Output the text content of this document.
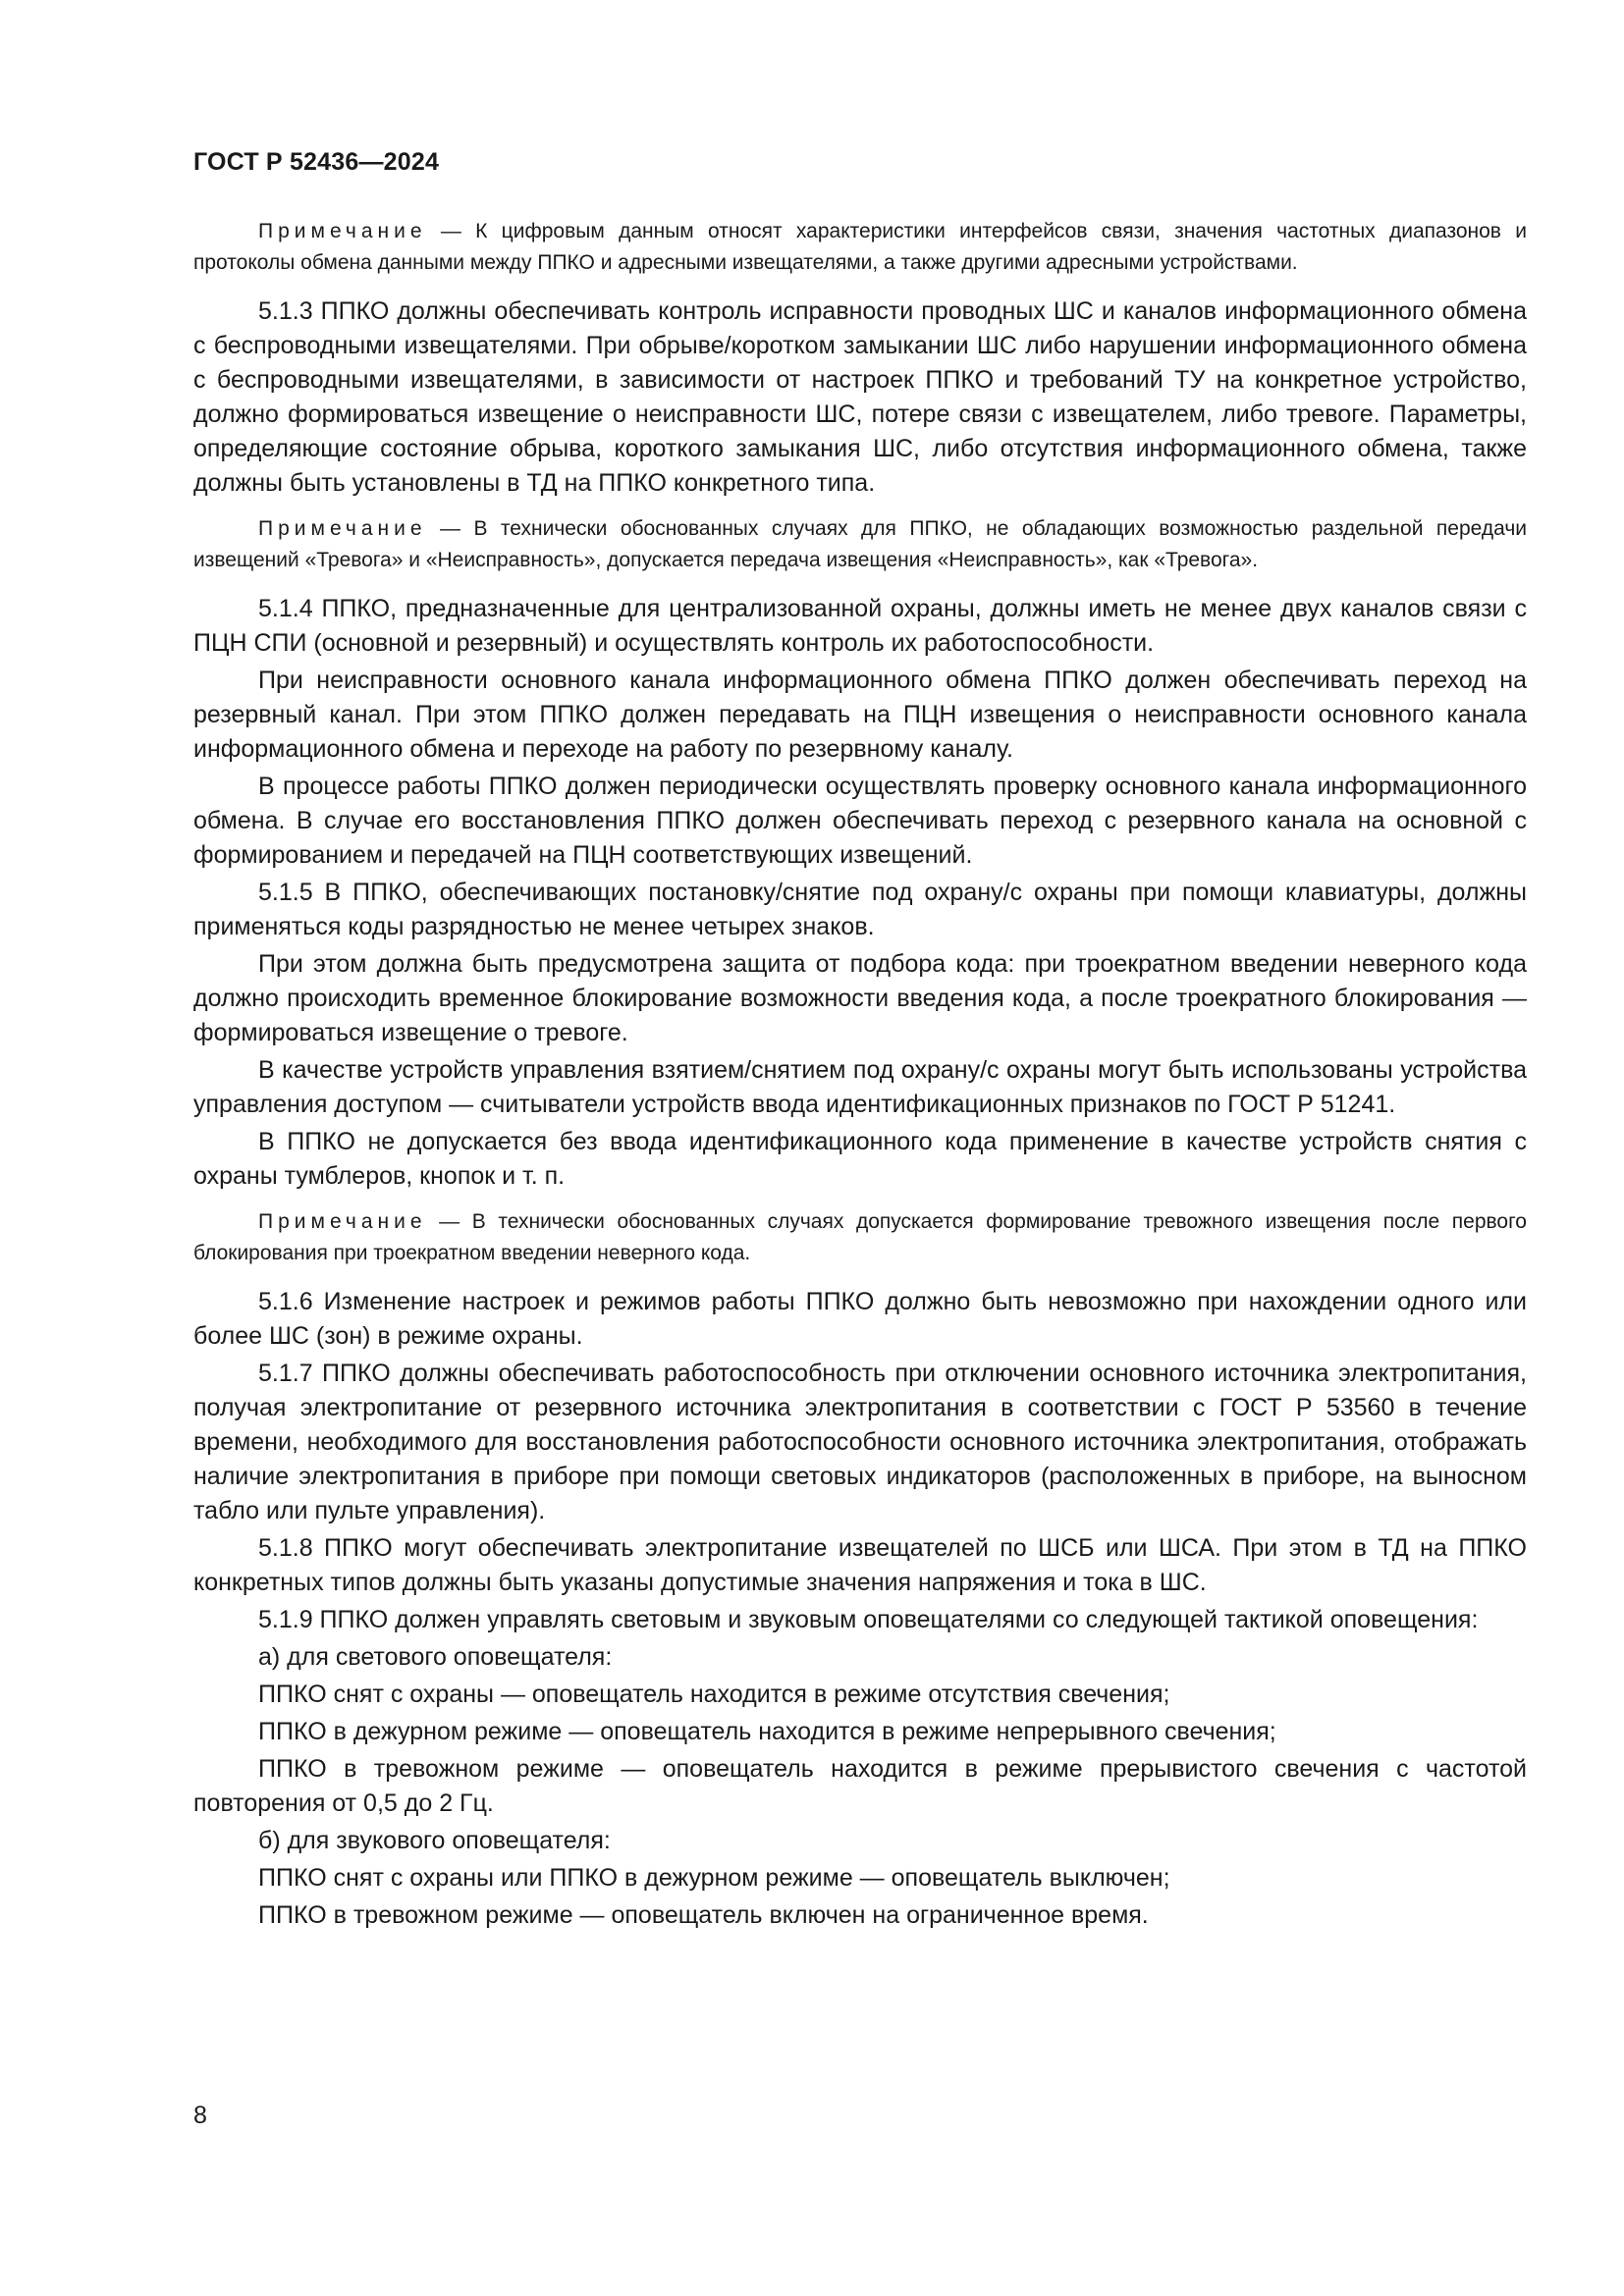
ГОСТ Р 52436—2024

Примечание — К цифровым данным относят характеристики интерфейсов связи, значения частотных диапазонов и протоколы обмена данными между ППКО и адресными извещателями, а также другими адресными устройствами.

5.1.3 ППКО должны обеспечивать контроль исправности проводных ШС и каналов информационного обмена с беспроводными извещателями. При обрыве/коротком замыкании ШС либо нарушении информационного обмена с беспроводными извещателями, в зависимости от настроек ППКО и требований ТУ на конкретное устройство, должно формироваться извещение о неисправности ШС, потере связи с извещателем, либо тревоге. Параметры, определяющие состояние обрыва, короткого замыкания ШС, либо отсутствия информационного обмена, также должны быть установлены в ТД на ППКО конкретного типа.

Примечание — В технически обоснованных случаях для ППКО, не обладающих возможностью раздельной передачи извещений «Тревога» и «Неисправность», допускается передача извещения «Неисправность», как «Тревога».

5.1.4 ППКО, предназначенные для централизованной охраны, должны иметь не менее двух каналов связи с ПЦН СПИ (основной и резервный) и осуществлять контроль их работоспособности.

При неисправности основного канала информационного обмена ППКО должен обеспечивать переход на резервный канал. При этом ППКО должен передавать на ПЦН извещения о неисправности основного канала информационного обмена и переходе на работу по резервному каналу.

В процессе работы ППКО должен периодически осуществлять проверку основного канала информационного обмена. В случае его восстановления ППКО должен обеспечивать переход с резервного канала на основной с формированием и передачей на ПЦН соответствующих извещений.

5.1.5 В ППКО, обеспечивающих постановку/снятие под охрану/с охраны при помощи клавиатуры, должны применяться коды разрядностью не менее четырех знаков.

При этом должна быть предусмотрена защита от подбора кода: при троекратном введении неверного кода должно происходить временное блокирование возможности введения кода, а после троекратного блокирования — формироваться извещение о тревоге.

В качестве устройств управления взятием/снятием под охрану/с охраны могут быть использованы устройства управления доступом — считыватели устройств ввода идентификационных признаков по ГОСТ Р 51241.

В ППКО не допускается без ввода идентификационного кода применение в качестве устройств снятия с охраны тумблеров, кнопок и т. п.

Примечание — В технически обоснованных случаях допускается формирование тревожного извещения после первого блокирования при троекратном введении неверного кода.

5.1.6 Изменение настроек и режимов работы ППКО должно быть невозможно при нахождении одного или более ШС (зон) в режиме охраны.

5.1.7 ППКО должны обеспечивать работоспособность при отключении основного источника электропитания, получая электропитание от резервного источника электропитания в соответствии с ГОСТ Р 53560 в течение времени, необходимого для восстановления работоспособности основного источника электропитания, отображать наличие электропитания в приборе при помощи световых индикаторов (расположенных в приборе, на выносном табло или пульте управления).

5.1.8 ППКО могут обеспечивать электропитание извещателей по ШСБ или ШСА. При этом в ТД на ППКО конкретных типов должны быть указаны допустимые значения напряжения и тока в ШС.

5.1.9 ППКО должен управлять световым и звуковым оповещателями со следующей тактикой оповещения:

а) для светового оповещателя:

ППКО снят с охраны — оповещатель находится в режиме отсутствия свечения;

ППКО в дежурном режиме — оповещатель находится в режиме непрерывного свечения;

ППКО в тревожном режиме — оповещатель находится в режиме прерывистого свечения с частотой повторения от 0,5 до 2 Гц.

б) для звукового оповещателя:

ППКО снят с охраны или ППКО в дежурном режиме — оповещатель выключен;

ППКО в тревожном режиме — оповещатель включен на ограниченное время.

8
